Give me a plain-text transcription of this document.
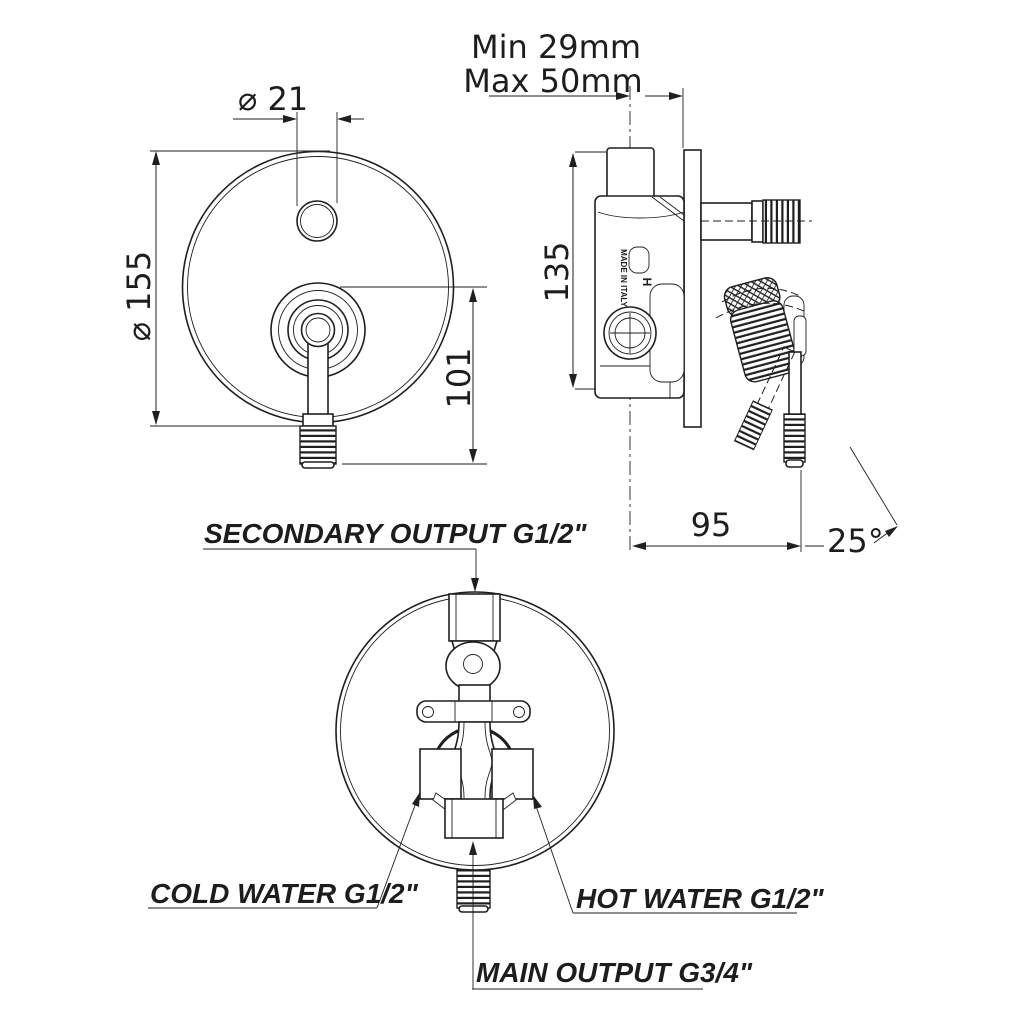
⌀ 21
⌀ 155
101
MADE IN ITALY H
135
Min 29mm
Max 50mm
95	25°
SECONDARY OUTPUT G1/2"
COLD WATER G1/2"	HOT WATER G1/2"
MAIN OUTPUT G3/4"
